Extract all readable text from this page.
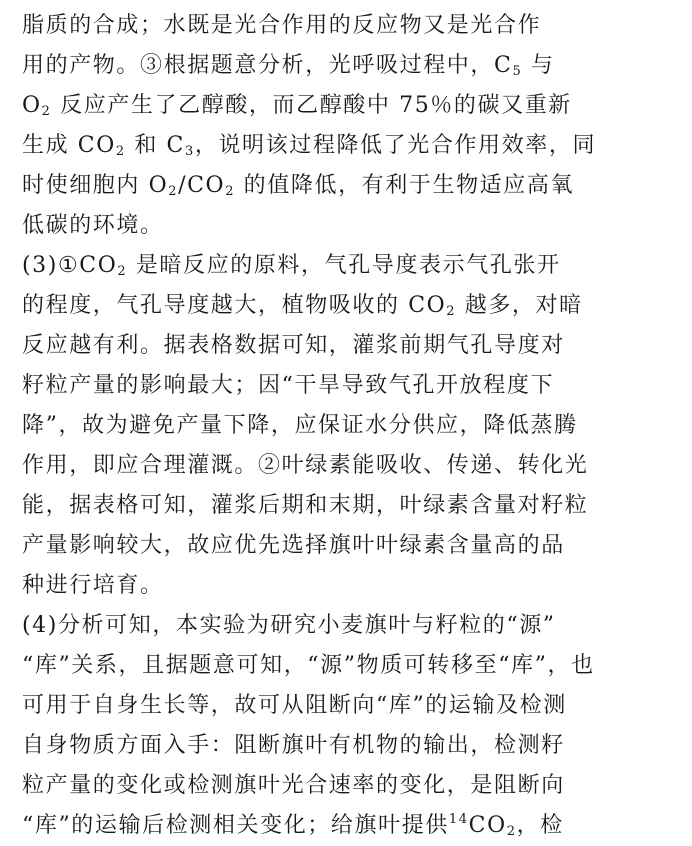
脂质的合成；水既是光合作用的反应物又是光合作
用的产物。③根据题意分析，光呼吸过程中，$C_5$ 与
$O_2$ 反应产生了乙醇酸，而乙醇酸中 75％的碳又重新
生成 $CO_2$ 和 $C_3$，说明该过程降低了光合作用效率，同
时使细胞内 $O_2/CO_2$ 的值降低，有利于生物适应高氧
低碳的环境。
$(3)①CO_2$ 是暗反应的原料，气孔导度表示气孔张开
的程度，气孔导度越大，植物吸收的 $CO_2$ 越多，对暗
反应越有利。据表格数据可知，灌浆前期气孔导度对
籽粒产量的影响最大；因“干旱导致气孔开放程度下
降”，故为避免产量下降，应保证水分供应，降低蒸腾
作用，即应合理灌溉。②叶绿素能吸收、传递、转化光
能，据表格可知，灌浆后期和末期，叶绿素含量对籽粒
产量影响较大，故应优先选择旗叶叶绿素含量高的品
种进行培育。
(4)分析可知，本实验为研究小麦旗叶与籽粒的“源”
“库”关系，且据题意可知，“源”物质可转移至“库”，也
可用于自身生长等，故可从阻断向“库”的运输及检测
自身物质方面入手：阻断旗叶有机物的输出，检测籽
粒产量的变化或检测旗叶光合速率的变化，是阻断向
“库”的运输后检测相关变化；给旗叶提供$^{14}CO_2$，检
